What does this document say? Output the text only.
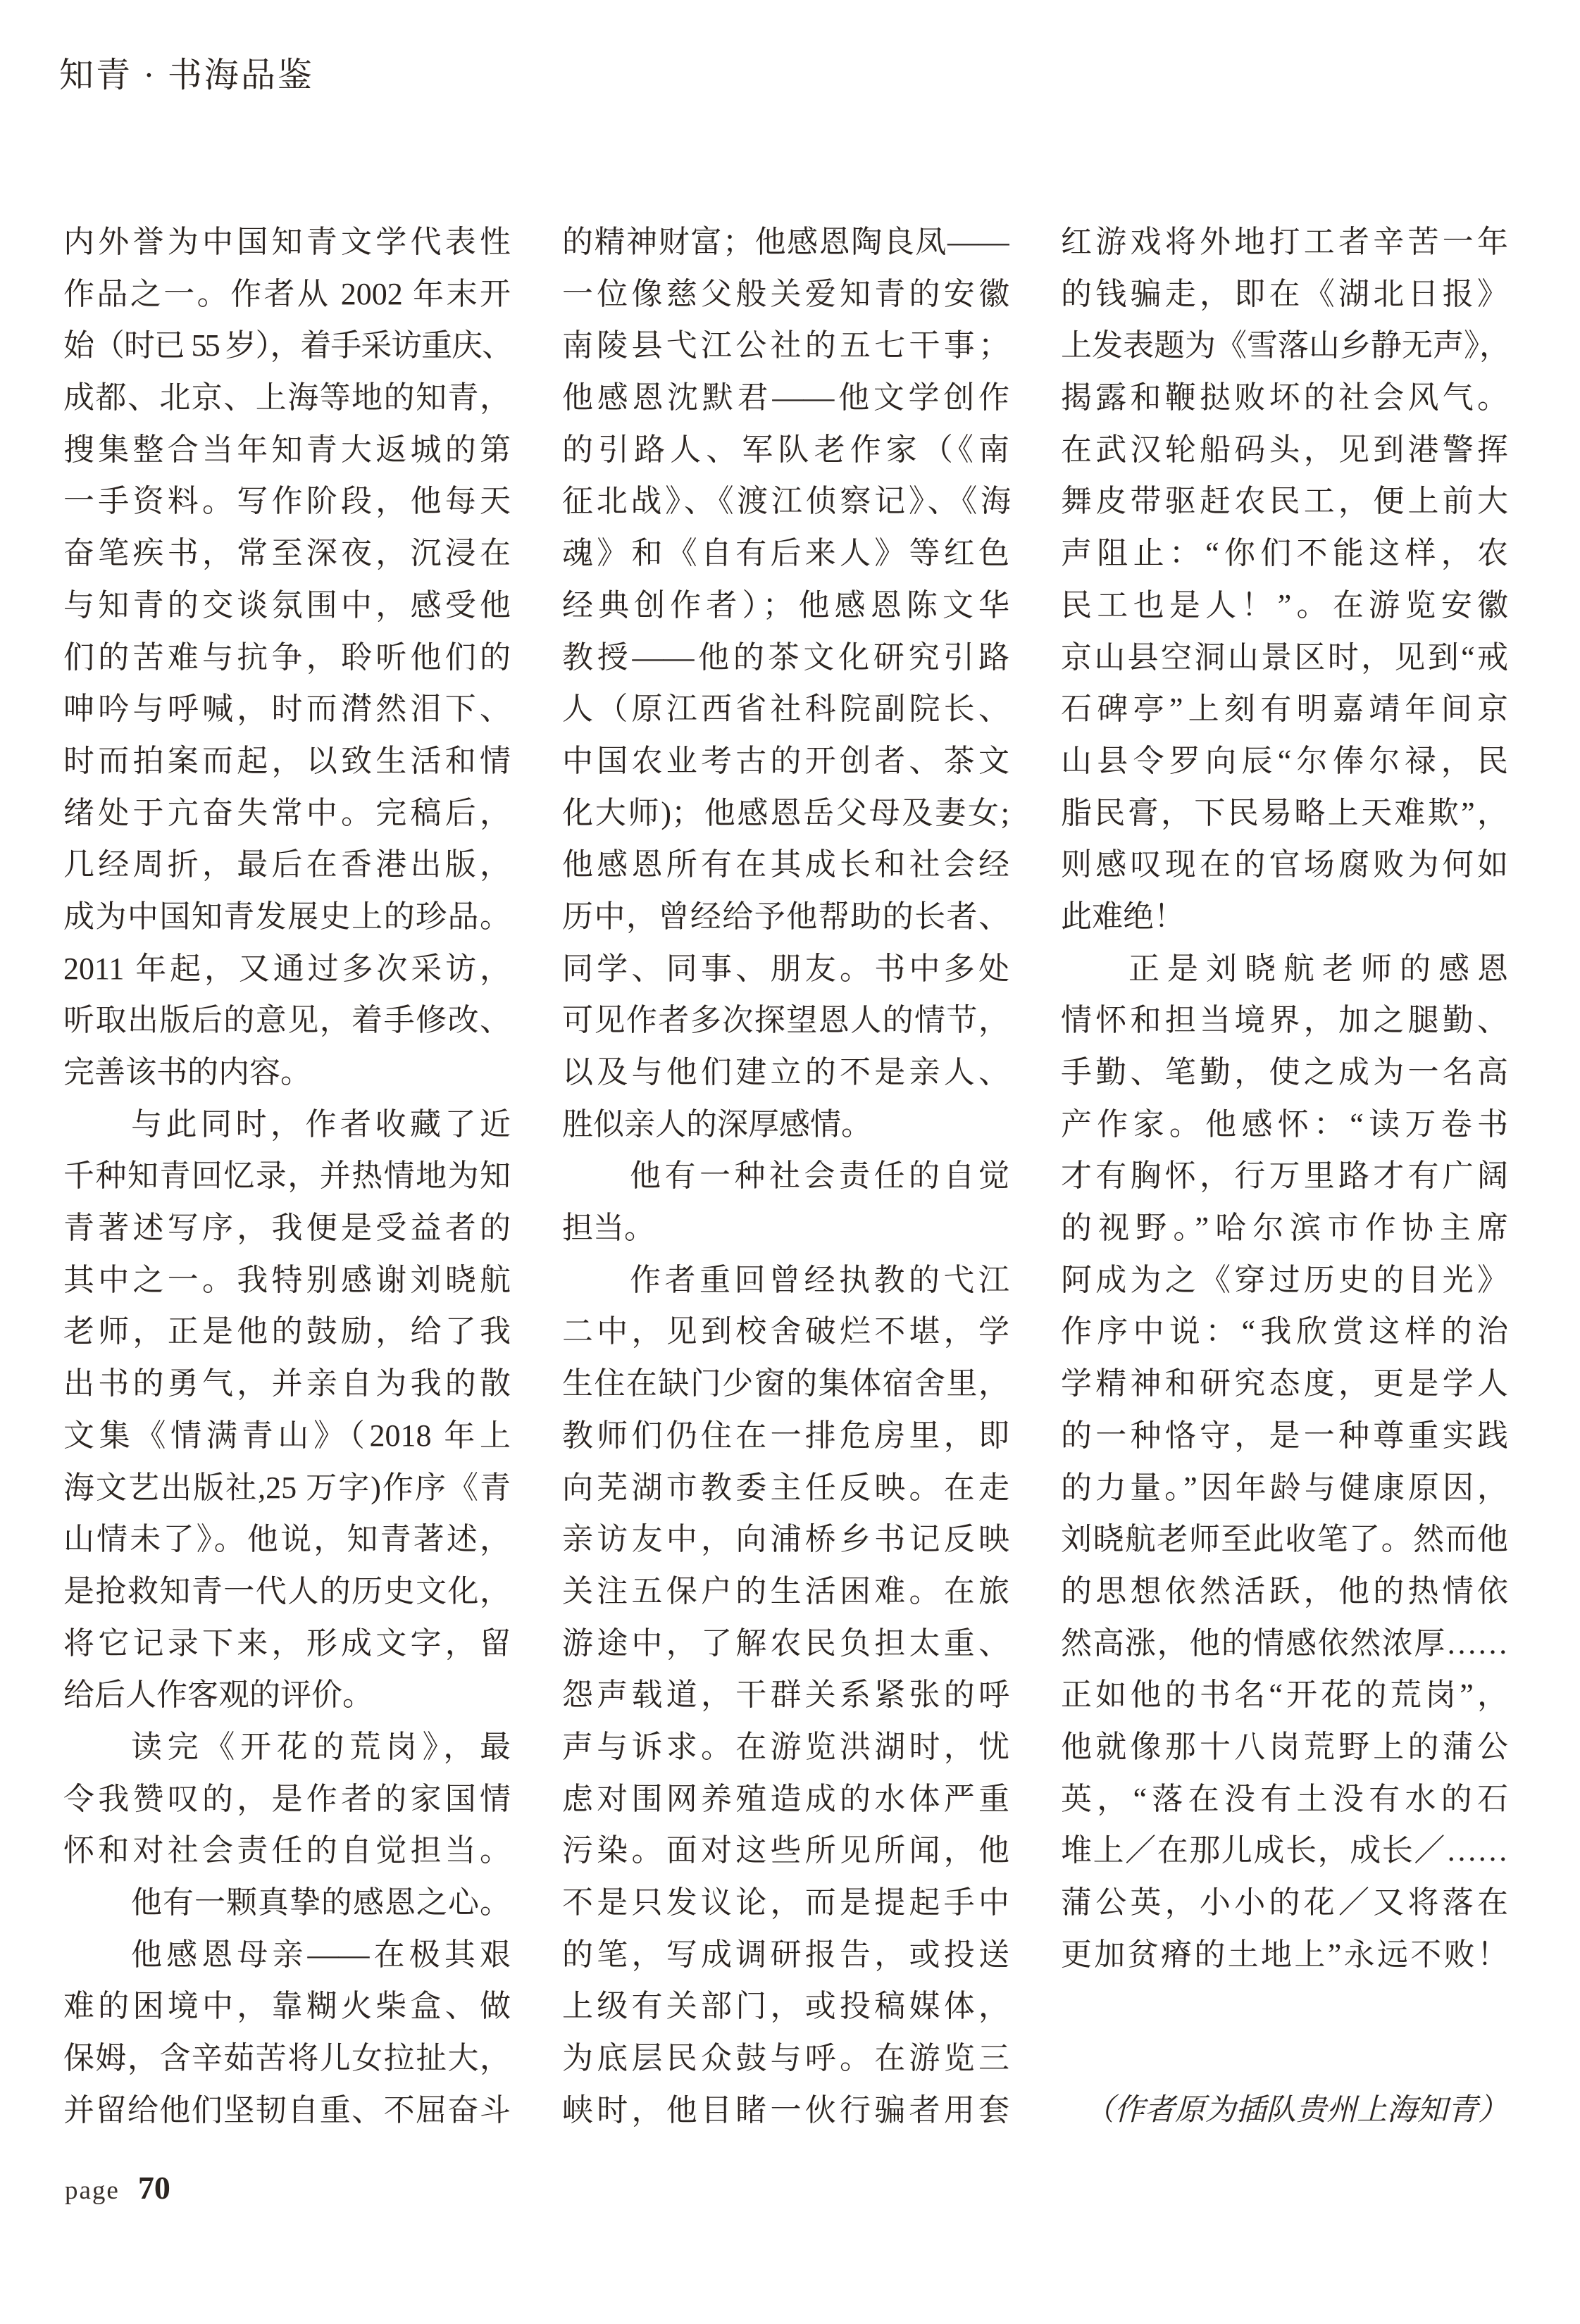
知青 · 书海品鉴
内外誉为中国知青文学代表性
作品之一。作者从 2002 年末开
始（时已 55 岁），着手采访重庆、
成都、北京、上海等地的知青，
搜集整合当年知青大返城的第
一手资料。写作阶段，他每天
奋笔疾书，常至深夜，沉浸在
与知青的交谈氛围中，感受他
们的苦难与抗争，聆听他们的
呻吟与呼喊，时而潸然泪下、
时而拍案而起，以致生活和情
绪处于亢奋失常中。完稿后，
几经周折，最后在香港出版，
成为中国知青发展史上的珍品。
2011 年起，又通过多次采访，
听取出版后的意见，着手修改、
完善该书的内容。
与此同时，作者收藏了近
千种知青回忆录，并热情地为知
青著述写序，我便是受益者的
其中之一。我特别感谢刘晓航
老师，正是他的鼓励，给了我
出书的勇气，并亲自为我的散
文集《情满青山》（2018 年上
海文艺出版社,25 万字)作序《青
山情未了》。他说，知青著述，
是抢救知青一代人的历史文化，
将它记录下来，形成文字，留
给后人作客观的评价。
读完《开花的荒岗》，最
令我赞叹的，是作者的家国情
怀和对社会责任的自觉担当。
他有一颗真挚的感恩之心。
他感恩母亲——在极其艰
难的困境中，靠糊火柴盒、做
保姆，含辛茹苦将儿女拉扯大，
并留给他们坚韧自重、不屈奋斗
的精神财富；他感恩陶良凤——
一位像慈父般关爱知青的安徽
南陵县弋江公社的五七干事；
他感恩沈默君——他文学创作
的引路人、军队老作家（《南
征北战》、《渡江侦察记》、《海
魂》和《自有后来人》等红色
经典创作者）；他感恩陈文华
教授——他的茶文化研究引路
人（原江西省社科院副院长、
中国农业考古的开创者、茶文
化大师)；他感恩岳父母及妻女;
他感恩所有在其成长和社会经
历中，曾经给予他帮助的长者、
同学、同事、朋友。书中多处
可见作者多次探望恩人的情节，
以及与他们建立的不是亲人、
胜似亲人的深厚感情。
他有一种社会责任的自觉
担当。
作者重回曾经执教的弋江
二中，见到校舍破烂不堪，学
生住在缺门少窗的集体宿舍里，
教师们仍住在一排危房里，即
向芜湖市教委主任反映。在走
亲访友中，向浦桥乡书记反映
关注五保户的生活困难。在旅
游途中，了解农民负担太重、
怨声载道，干群关系紧张的呼
声与诉求。在游览洪湖时，忧
虑对围网养殖造成的水体严重
污染。面对这些所见所闻，他
不是只发议论，而是提起手中
的笔，写成调研报告，或投送
上级有关部门，或投稿媒体，
为底层民众鼓与呼。在游览三
峡时，他目睹一伙行骗者用套
红游戏将外地打工者辛苦一年
的钱骗走，即在《湖北日报》
上发表题为《雪落山乡静无声》，
揭露和鞭挞败坏的社会风气。
在武汉轮船码头，见到港警挥
舞皮带驱赶农民工，便上前大
声阻止：“你们不能这样，农
民工也是人！”。在游览安徽
京山县空洞山景区时，见到“戒
石碑亭”上刻有明嘉靖年间京
山县令罗向辰“尔俸尔禄，民
脂民膏，下民易略上天难欺”，
则感叹现在的官场腐败为何如
此难绝！
正是刘晓航老师的感恩
情怀和担当境界，加之腿勤、
手勤、笔勤，使之成为一名高
产作家。他感怀：“读万卷书
才有胸怀，行万里路才有广阔
的视野。”哈尔滨市作协主席
阿成为之《穿过历史的目光》
作序中说：“我欣赏这样的治
学精神和研究态度，更是学人
的一种恪守，是一种尊重实践
的力量。”因年龄与健康原因，
刘晓航老师至此收笔了。然而他
的思想依然活跃，他的热情依
然高涨，他的情感依然浓厚……
正如他的书名“开花的荒岗”，
他就像那十八岗荒野上的蒲公
英，“落在没有土没有水的石
堆上／在那儿成长，成长／……
蒲公英，小小的花／又将落在
更加贫瘠的土地上”永远不败！
（作者原为插队贵州上海知青）
page 70
